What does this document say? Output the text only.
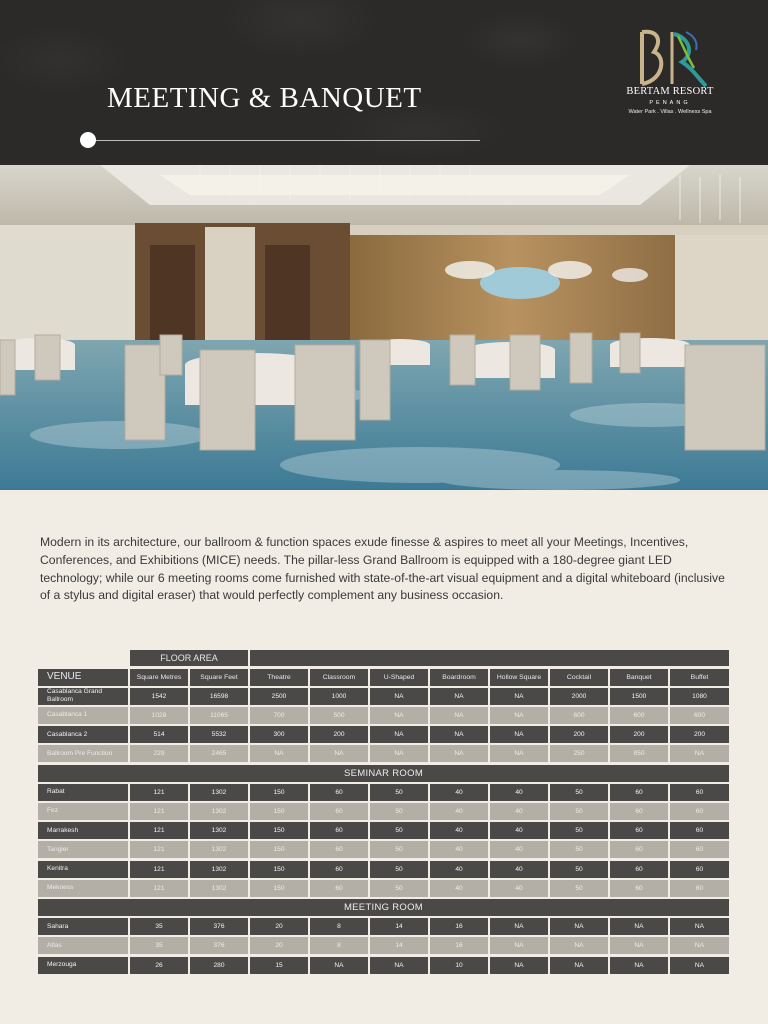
MEETING & BANQUET	BERTAM RESORT
PENANG
Water Park . Villas . Wellness Spa

Modern in its architecture, our ballroom & function spaces exude finesse & aspires to meet all your Meetings, Incentives, Conferences, and Exhibitions (MICE) needs. The pillar-less Grand Ballroom is equipped with a 180-degree giant LED technology; while our 6 meeting rooms come furnished with state-of-the-art visual equipment and a digital whiteboard (inclusive of a stylus and digital eraser) that would perfectly complement any business occasion.

FLOOR AREA
VENUE	Square Metres	Square Feet	Theatre	Classroom	U-Shaped	Boardroom	Hollow Square	Cocktail	Banquet	Buffet
Casablanca Grand Ballroom	1542	16598	2500	1000	NA	NA	NA	2000	1500	1080
Casablanca 1	1028	11065	700	500	NA	NA	NA	600	600	600
Casablanca 2	514	5532	300	200	NA	NA	NA	200	200	200
Ballroom Pre Function	229	2465	NA	NA	NA	NA	NA	250	850	NA
SEMINAR ROOM
Rabat	121	1302	150	60	50	40	40	50	60	60
Fez	121	1302	150	60	50	40	40	50	60	60
Marrakesh	121	1302	150	60	50	40	40	50	60	60
Tangier	121	1302	150	60	50	40	40	50	60	60
Kenitra	121	1302	150	60	50	40	40	50	60	60
Mekness	121	1302	150	60	50	40	40	50	60	60
MEETING ROOM
Sahara	35	376	20	8	14	16	NA	NA	NA	NA
Atlas	35	376	20	8	14	16	NA	NA	NA	NA
Merzouga	26	280	15	NA	NA	10	NA	NA	NA	NA
